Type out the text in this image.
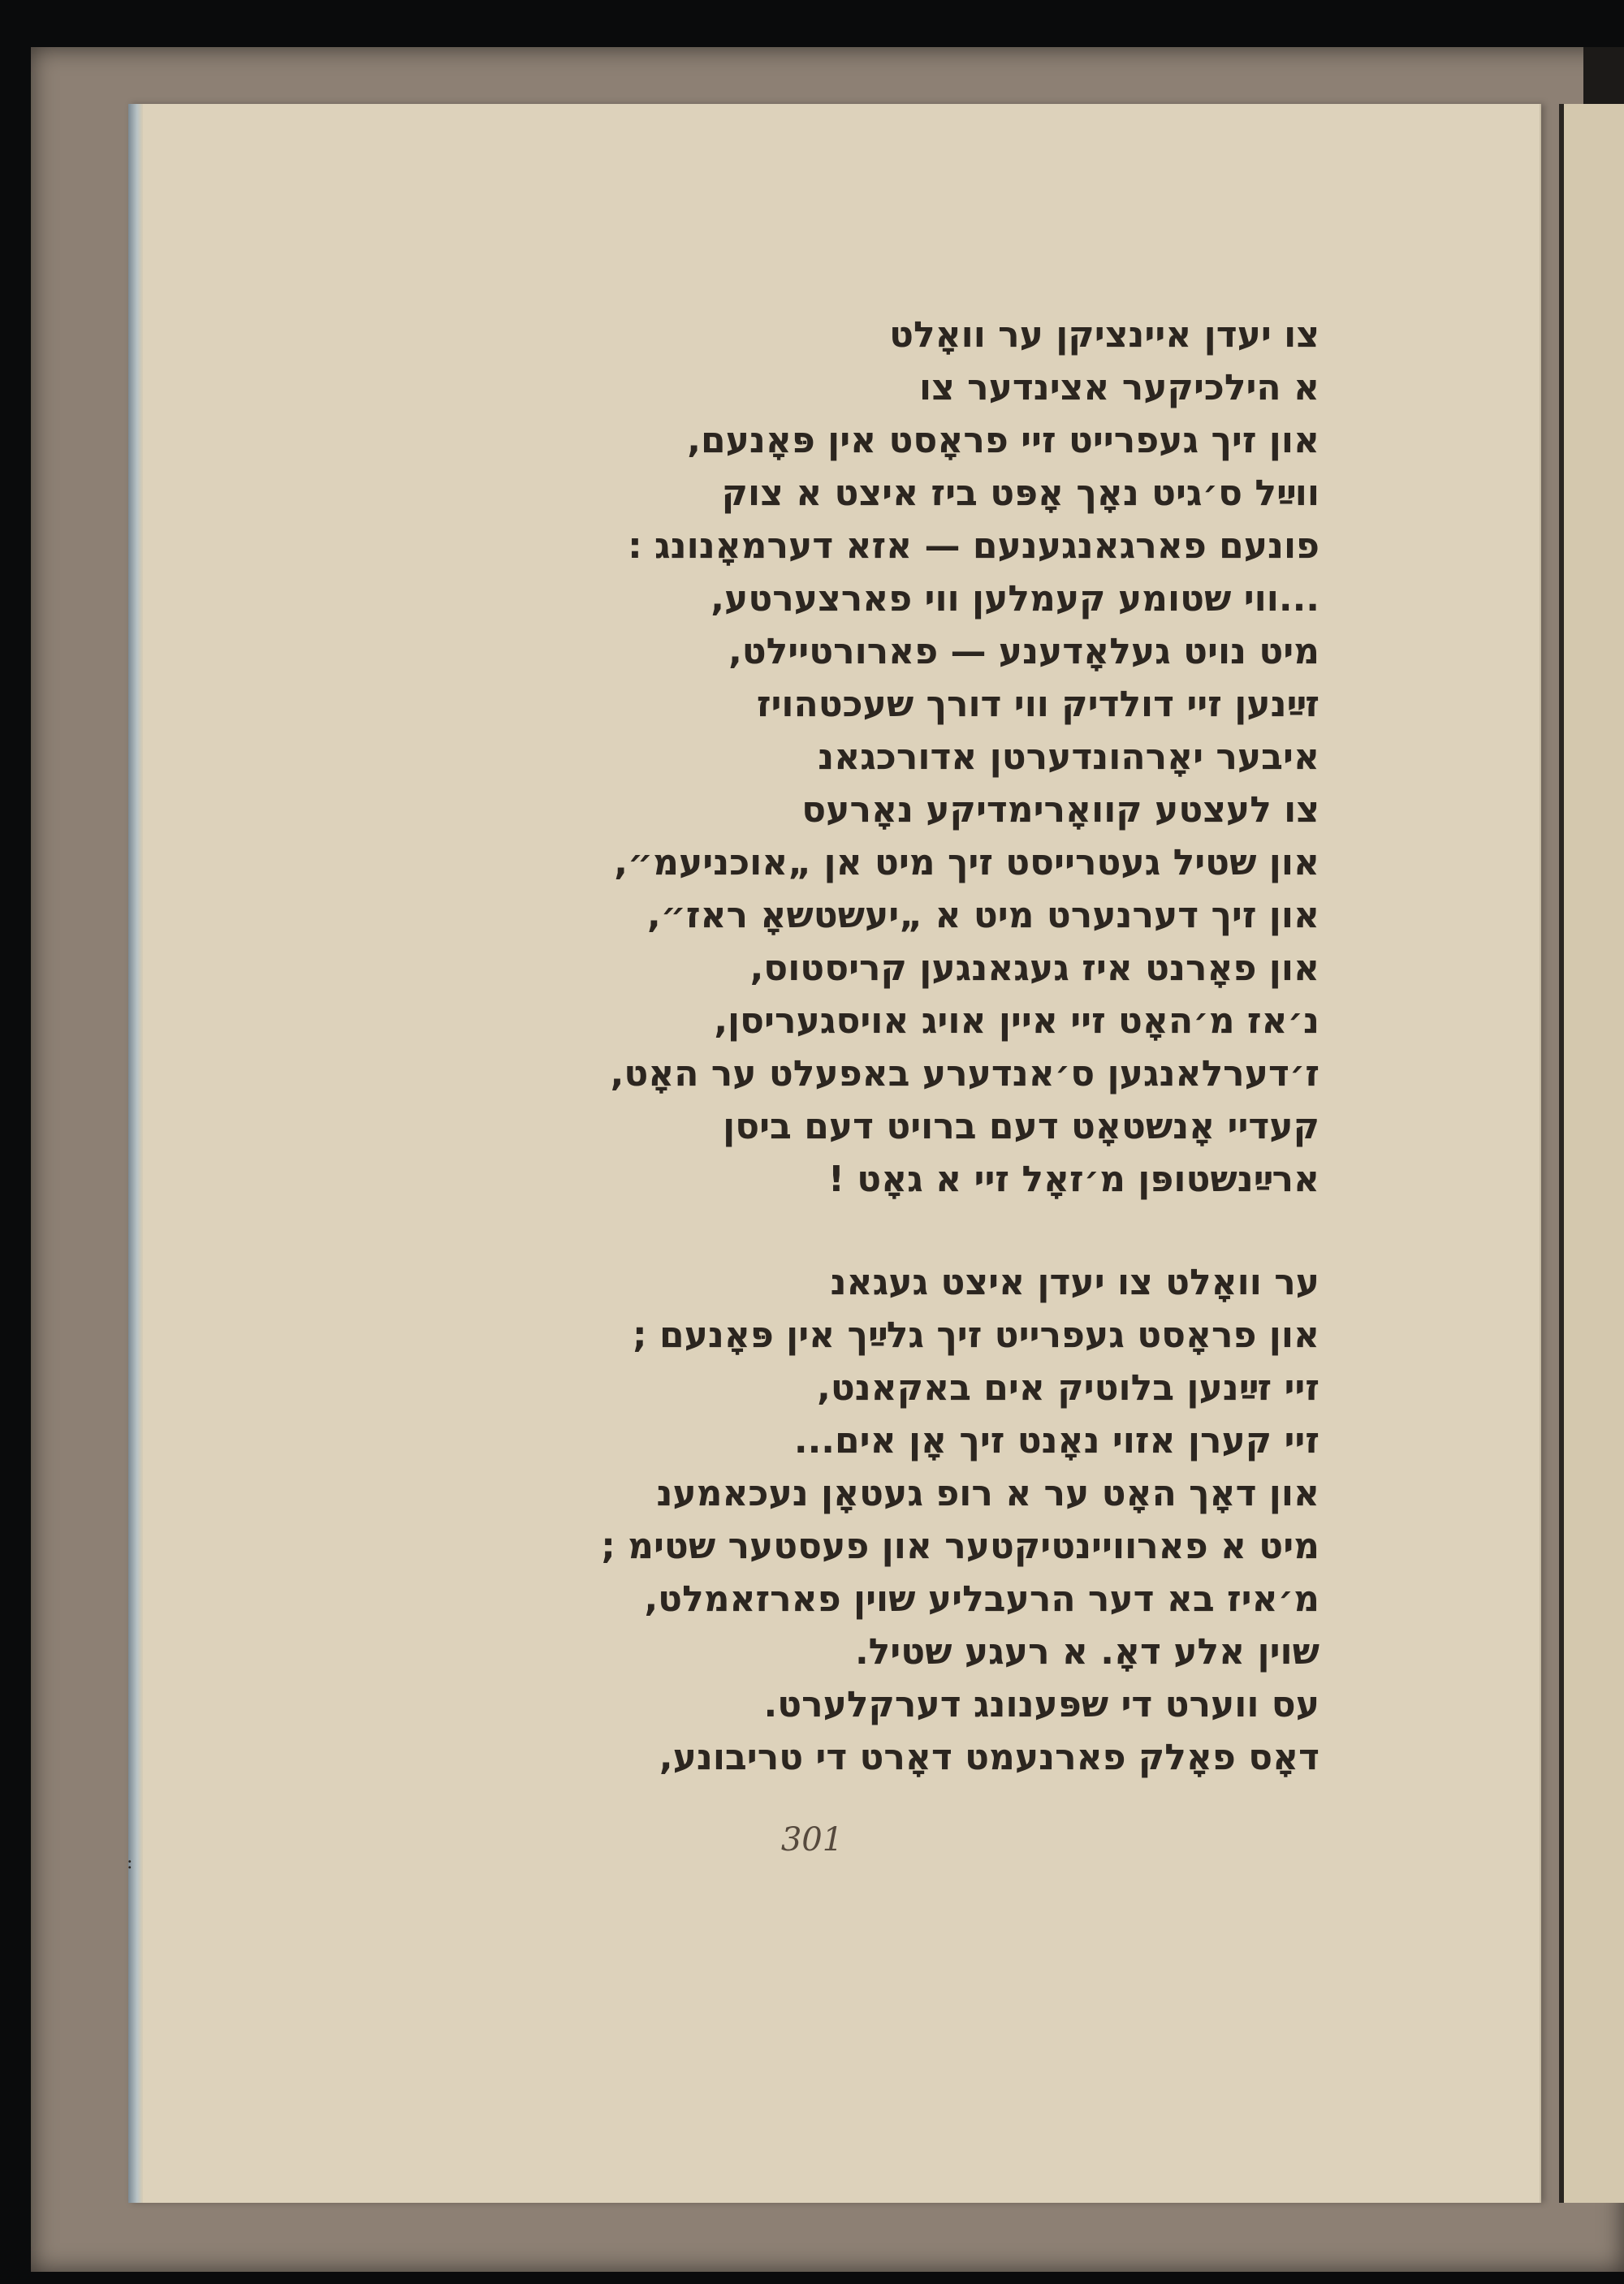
צו יעדן איינציקן ער וואָלט
א הילכיקער אצינדער צו
און זיך געפרייט זיי פראָסט אין פּאָנעם,
ווײַל ס׳גיט נאָך אָפּט ביז איצט א צוק
פונעם פארגאנגענעם — אזא דערמאָנונג :
...ווי שטומע קעמלען ווי פארצערטע,
מיט נויט געלאָדענע — פארורטיילט,
זײַנען זיי דולדיק ווי דורך שעכטהויז
איבער יאָרהונדערטן אדורכגאנ
צו לעצטע קוואָרימדיקע נאָרעס
און שטיל געטרייסט זיך מיט אן „אוכניעמ״,
און זיך דערנערט מיט א „יעשטשאָ ראז״,
און פאָרנט איז געגאנגען קריסטוס,
נ׳אז מ׳האָט זיי איין אויג אויסגעריסן,
ז׳דערלאנגען ס׳אנדערע באפעלט ער האָט,
קעדיי אָנשטאָט דעם ברויט דעם ביסן
ארײַנשטופּן מ׳זאָל זיי א גאָט !
ער וואָלט צו יעדן איצט געגאנ
און פראָסט געפרייט זיך גלײַך אין פּאָנעם ;
זיי זײַנען בלוטיק אים באקאנט,
זיי קערן אזוי נאָנט זיך אָן אים...
און דאָך האָט ער א רופ געטאָן נעכאמענ
מיט א פארוויינטיקטער און פעסטער שטימ ;
מ׳איז בא דער הרעבליע שוין פארזאמלט,
שוין אלע דאָ. א רעגע שטיל.
עס ווערט די שפּענונג דערקלערט.
דאָס פאָלק פארנעמט דאָרט די טריבונע,
301
:
